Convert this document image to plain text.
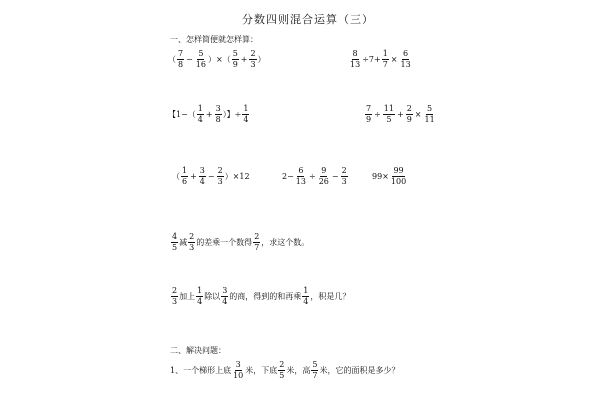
分数四则混合运算（三）
一、怎样简便就怎样算：
（ $\frac{7}{8} - \frac{5}{16}$ ）×（ $\frac{5}{9} + \frac{2}{3}$ ）	$\frac{8}{13} \div 7+ \frac{1}{7} \times \frac{6}{13}$
【$1-( \frac{1}{4} + \frac{3}{8}$ ）】÷ $\frac{1}{4}$	$\frac{7}{9} \div \frac{11}{5} + \frac{2}{9} \times \frac{5}{11}$
（ $\frac{1}{6} + \frac{3}{4} - \frac{2}{3} )\times 12$	$2- \frac{6}{13} \div \frac{9}{26} - \frac{2}{3}$	$99\times \frac{99}{100}$
$\frac{4}{5}$ 减 $\frac{2}{3}$ 的差乘一个数得 $\frac{2}{7}$ ，求这个数。
$\frac{2}{3}$ 加上 $\frac{1}{4}$ 除以 $\frac{3}{4}$ 的商，得到的和再乘 $\frac{1}{4}$ ，积是几？
二、解决问题：
1、一个梯形上底 $\frac{3}{10}$ 米，下底 $\frac{2}{5}$ 米，高 $\frac{5}{7}$ 米，它的面积是多少？
